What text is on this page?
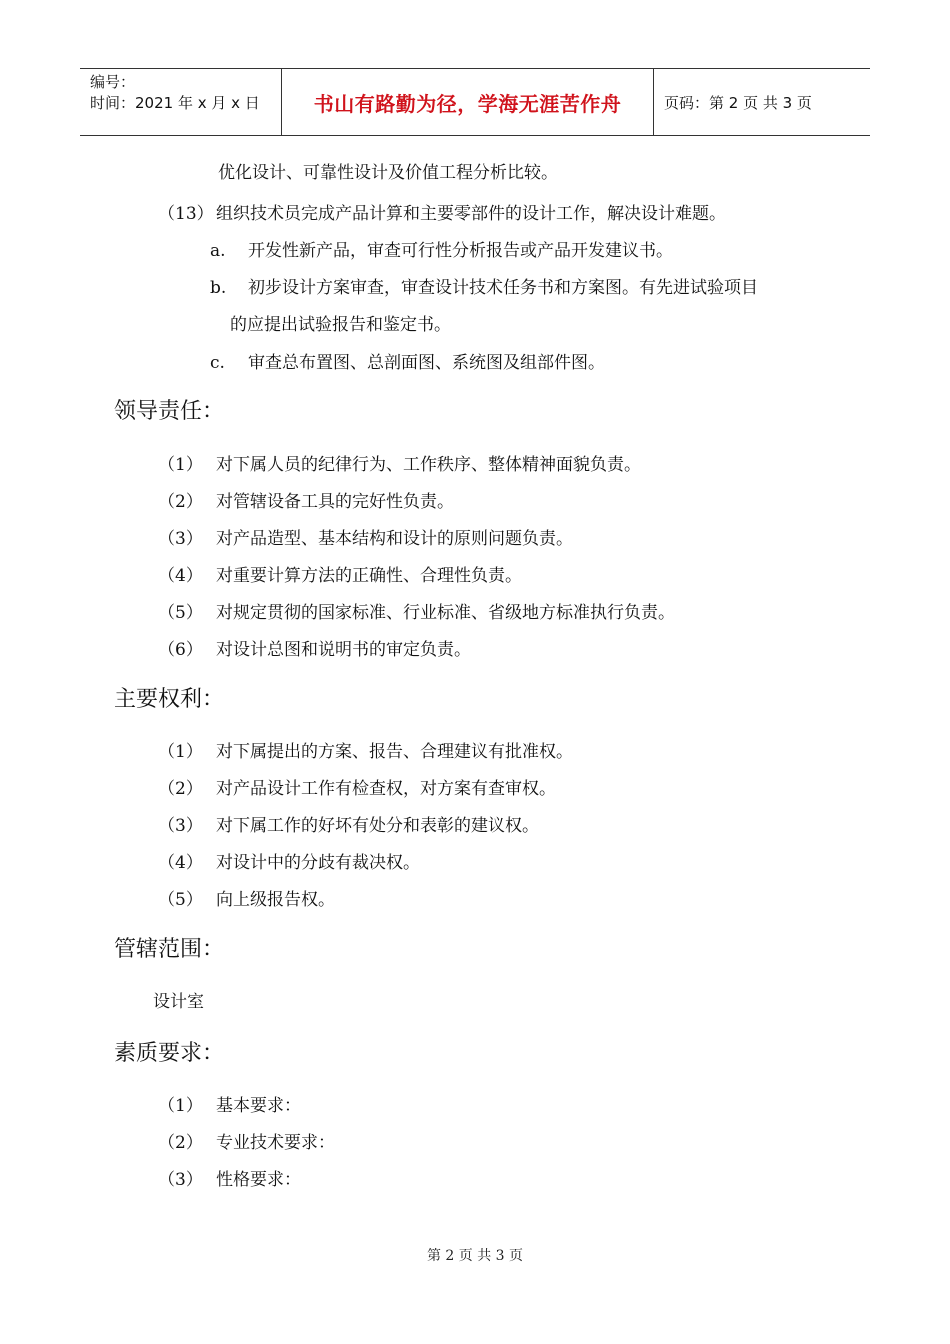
编号：
时间：2021 年 x 月 x 日	书山有路勤为径，学海无涯苦作舟	页码：第 2 页 共 3 页
优化设计、可靠性设计及价值工程分析比较。
（13） 组织技术员完成产品计算和主要零部件的设计工作，解决设计难题。
a. 开发性新产品，审查可行性分析报告或产品开发建议书。
b. 初步设计方案审查，审查设计技术任务书和方案图。有先进试验项目
的应提出试验报告和鉴定书。
c. 审查总布置图、总剖面图、系统图及组部件图。
领导责任：
（1） 对下属人员的纪律行为、工作秩序、整体精神面貌负责。
（2） 对管辖设备工具的完好性负责。
（3） 对产品造型、基本结构和设计的原则问题负责。
（4） 对重要计算方法的正确性、合理性负责。
（5） 对规定贯彻的国家标准、行业标准、省级地方标准执行负责。
（6） 对设计总图和说明书的审定负责。
主要权利：
（1） 对下属提出的方案、报告、合理建议有批准权。
（2） 对产品设计工作有检查权，对方案有查审权。
（3） 对下属工作的好坏有处分和表彰的建议权。
（4） 对设计中的分歧有裁决权。
（5） 向上级报告权。
管辖范围：
设计室
素质要求：
（1） 基本要求：
（2） 专业技术要求：
（3） 性格要求：
第 2 页 共 3 页
